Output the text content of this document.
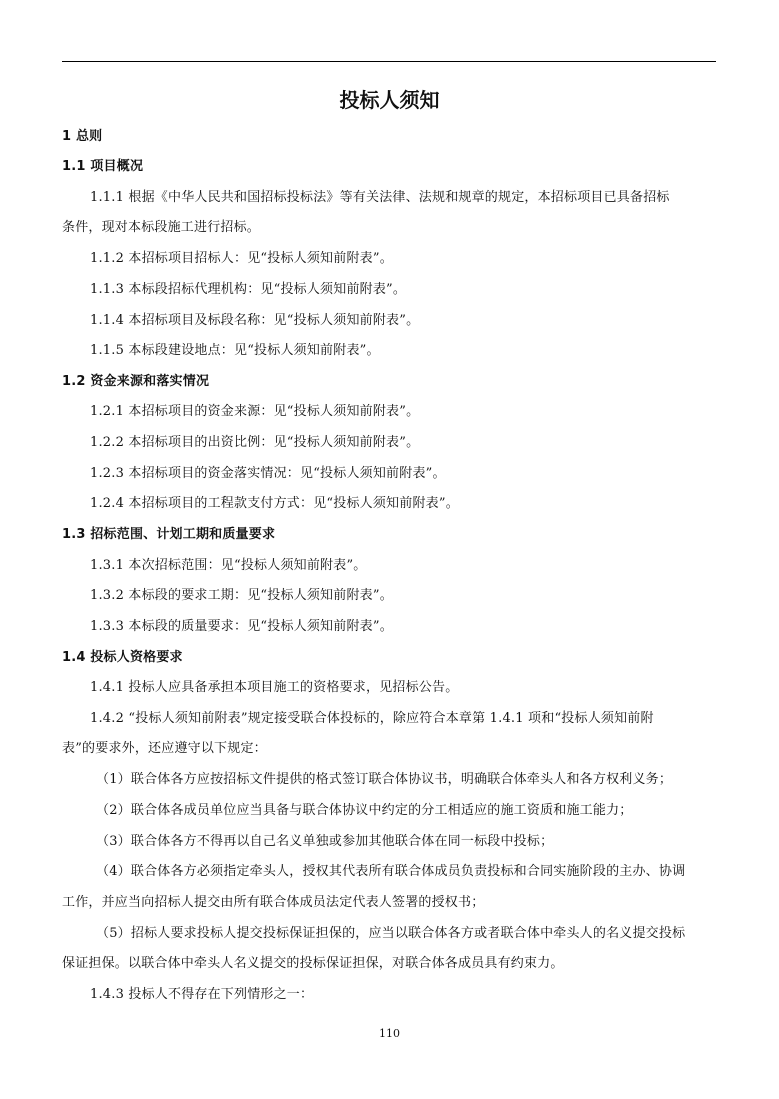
投标人须知
1 总则
1.1 项目概况
1.1.1 根据《中华人民共和国招标投标法》等有关法律、法规和规章的规定，本招标项目已具备招标
条件，现对本标段施工进行招标。
1.1.2 本招标项目招标人：见“投标人须知前附表”。
1.1.3 本标段招标代理机构：见“投标人须知前附表”。
1.1.4 本招标项目及标段名称：见“投标人须知前附表”。
1.1.5 本标段建设地点：见“投标人须知前附表”。
1.2 资金来源和落实情况
1.2.1 本招标项目的资金来源：见“投标人须知前附表”。
1.2.2 本招标项目的出资比例：见“投标人须知前附表”。
1.2.3 本招标项目的资金落实情况：见“投标人须知前附表”。
1.2.4 本招标项目的工程款支付方式：见“投标人须知前附表”。
1.3 招标范围、计划工期和质量要求
1.3.1 本次招标范围：见“投标人须知前附表”。
1.3.2 本标段的要求工期：见“投标人须知前附表”。
1.3.3 本标段的质量要求：见“投标人须知前附表”。
1.4 投标人资格要求
1.4.1 投标人应具备承担本项目施工的资格要求，见招标公告。
1.4.2 “投标人须知前附表”规定接受联合体投标的，除应符合本章第 1.4.1 项和“投标人须知前附
表”的要求外，还应遵守以下规定：
（1）联合体各方应按招标文件提供的格式签订联合体协议书，明确联合体牵头人和各方权利义务；
（2）联合体各成员单位应当具备与联合体协议中约定的分工相适应的施工资质和施工能力；
（3）联合体各方不得再以自己名义单独或参加其他联合体在同一标段中投标；
（4）联合体各方必须指定牵头人，授权其代表所有联合体成员负责投标和合同实施阶段的主办、协调
工作，并应当向招标人提交由所有联合体成员法定代表人签署的授权书；
（5）招标人要求投标人提交投标保证担保的，应当以联合体各方或者联合体中牵头人的名义提交投标
保证担保。以联合体中牵头人名义提交的投标保证担保，对联合体各成员具有约束力。
1.4.3 投标人不得存在下列情形之一：
110
